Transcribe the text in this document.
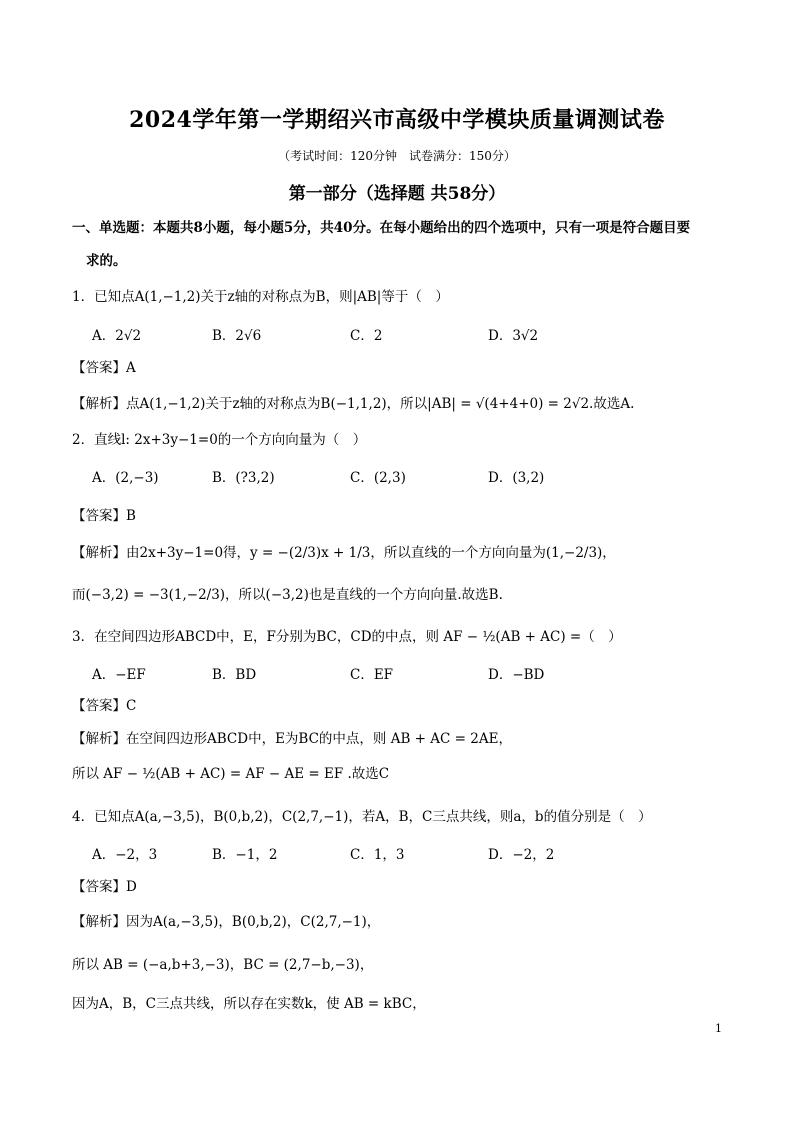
2024学年第一学期绍兴市高级中学模块质量调测试卷
（考试时间：120分钟　试卷满分：150分）
第一部分（选择题 共58分）
一、单选题：本题共8小题，每小题5分，共40分。在每小题给出的四个选项中，只有一项是符合题目要
求的。
1．已知点A(1,−1,2)关于z轴的对称点为B，则|AB|等于（　）
A．2√2	B．2√6	C．2	D．3√2
【答案】A
【解析】点A(1,−1,2)关于z轴的对称点为B(−1,1,2)，所以|AB| = √(4+4+0) = 2√2.故选A.
2．直线l: 2x+3y−1=0的一个方向向量为（　）
A．(2,−3)	B．(?3,2)	C．(2,3)	D．(3,2)
【答案】B
【解析】由2x+3y−1=0得，y = −(2/3)x + 1/3，所以直线的一个方向向量为(1,−2/3)，
而(−3,2) = −3(1,−2/3)，所以(−3,2)也是直线的一个方向向量.故选B.
3．在空间四边形ABCD中，E，F分别为BC，CD的中点，则 AF − ½(AB + AC) =（　）
A．−EF	B．BD	C．EF	D．−BD
【答案】C
【解析】在空间四边形ABCD中，E为BC的中点，则 AB + AC = 2AE，
所以 AF − ½(AB + AC) = AF − AE = EF .故选C
4．已知点A(a,−3,5)，B(0,b,2)，C(2,7,−1)，若A，B，C三点共线，则a，b的值分别是（　）
A．−2，3	B．−1，2	C．1，3	D．−2，2
【答案】D
【解析】因为A(a,−3,5)，B(0,b,2)，C(2,7,−1)，
所以 AB = (−a,b+3,−3)，BC = (2,7−b,−3)，
因为A，B，C三点共线，所以存在实数k，使 AB = kBC，
1
